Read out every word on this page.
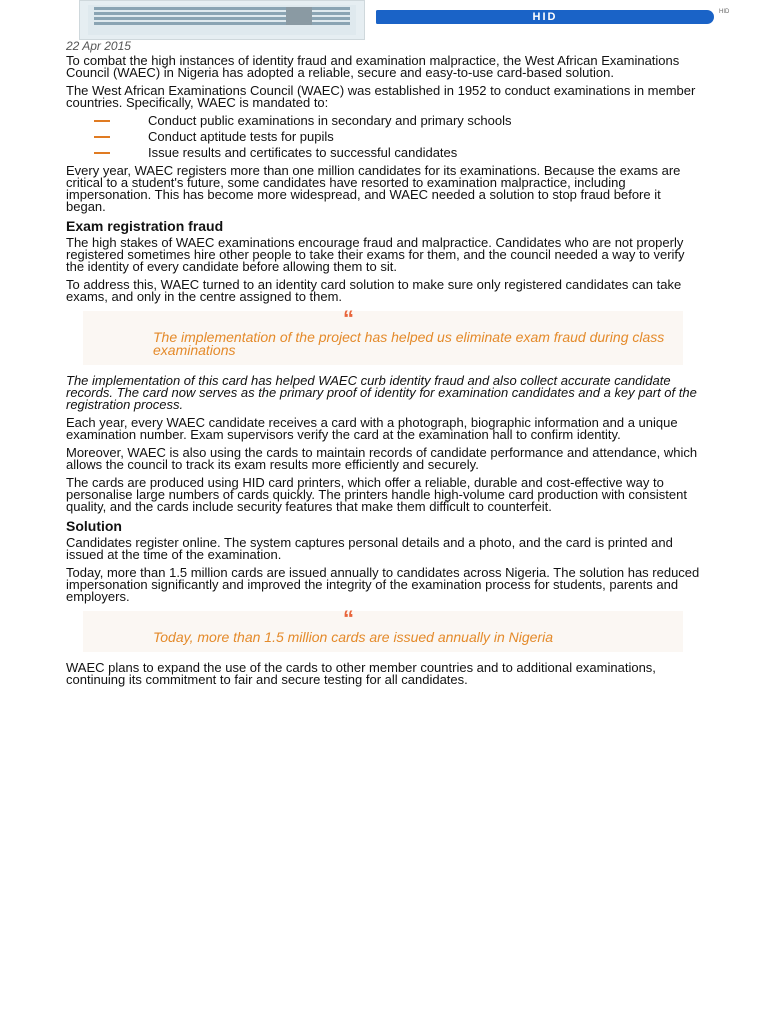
HID	HID
22 Apr 2015

To combat the high instances of identity fraud and examination malpractice, the West African Examinations Council (WAEC) in Nigeria has adopted a reliable, secure and easy-to-use card-based solution.

The West African Examinations Council (WAEC) was established in 1952 to conduct examinations in member countries. Specifically, WAEC is mandated to:

Conduct public examinations in secondary and primary schools
Conduct aptitude tests for pupils
Issue results and certificates to successful candidates

Every year, WAEC registers more than one million candidates for its examinations. Because the exams are critical to a student's future, some candidates have resorted to examination malpractice, including impersonation. This has become more widespread, and WAEC needed a solution to stop fraud before it began.

Exam registration fraud

The high stakes of WAEC examinations encourage fraud and malpractice. Candidates who are not properly registered sometimes hire other people to take their exams for them, and the council needed a way to verify the identity of every candidate before allowing them to sit.

To address this, WAEC turned to an identity card solution to make sure only registered candidates can take exams, and only in the centre assigned to them.

“
The implementation of the project has helped us eliminate exam fraud during class examinations

The implementation of this card has helped WAEC curb identity fraud and also collect accurate candidate records. The card now serves as the primary proof of identity for examination candidates and a key part of the registration process.

Each year, every WAEC candidate receives a card with a photograph, biographic information and a unique examination number. Exam supervisors verify the card at the examination hall to confirm identity.

Moreover, WAEC is also using the cards to maintain records of candidate performance and attendance, which allows the council to track its exam results more efficiently and securely.

The cards are produced using HID card printers, which offer a reliable, durable and cost-effective way to personalise large numbers of cards quickly. The printers handle high-volume card production with consistent quality, and the cards include security features that make them difficult to counterfeit.

Solution

Candidates register online. The system captures personal details and a photo, and the card is printed and issued at the time of the examination.

Today, more than 1.5 million cards are issued annually to candidates across Nigeria. The solution has reduced impersonation significantly and improved the integrity of the examination process for students, parents and employers.

“
Today, more than 1.5 million cards are issued annually in Nigeria

WAEC plans to expand the use of the cards to other member countries and to additional examinations, continuing its commitment to fair and secure testing for all candidates.
